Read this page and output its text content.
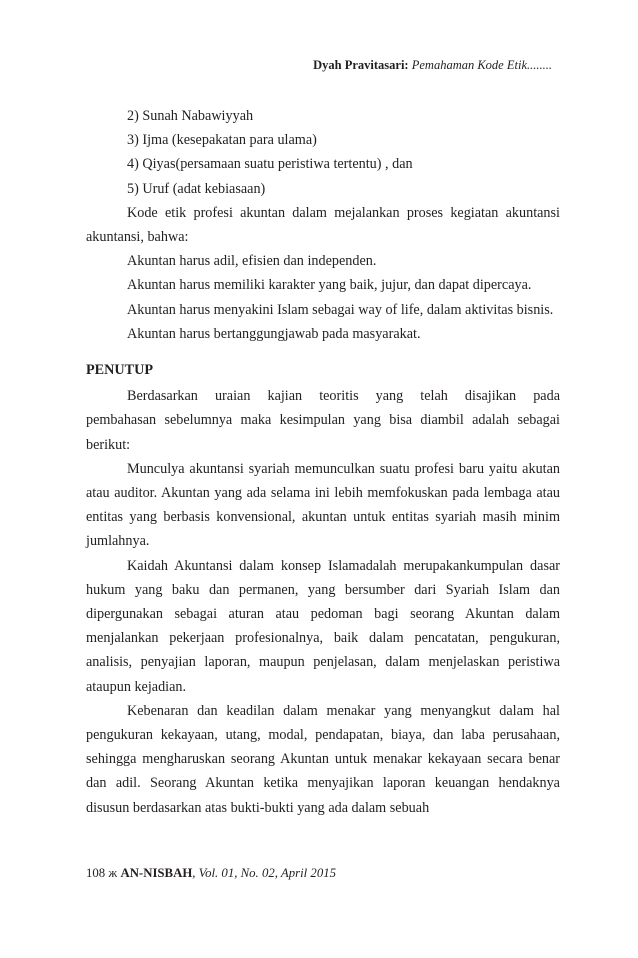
Dyah Pravitasari: Pemahaman Kode Etik........

2) Sunah Nabawiyyah

3) Ijma (kesepakatan para ulama)

4) Qiyas(persamaan suatu peristiwa tertentu) , dan

5) Uruf (adat kebiasaan)

Kode etik profesi akuntan dalam mejalankan proses kegiatan akuntansi akuntansi, bahwa:

Akuntan harus adil, efisien dan independen.

Akuntan harus memiliki karakter yang baik, jujur, dan dapat dipercaya.

Akuntan harus menyakini Islam sebagai way of life, dalam aktivitas bisnis.

Akuntan harus bertanggungjawab pada masyarakat.

PENUTUP

Berdasarkan uraian kajian teoritis yang telah disajikan pada pembahasan sebelumnya maka kesimpulan yang bisa diambil adalah sebagai berikut:

Munculya akuntansi syariah memunculkan suatu profesi baru yaitu akutan atau auditor. Akuntan yang ada selama ini lebih memfokuskan pada lembaga atau entitas yang berbasis konvensional, akuntan untuk entitas syariah masih minim jumlahnya.

Kaidah Akuntansi dalam konsep Islamadalah merupakankumpulan dasar hukum yang baku dan permanen, yang bersumber dari Syariah Islam dan dipergunakan sebagai aturan atau pedoman bagi seorang Akuntan dalam menjalankan pekerjaan profesionalnya, baik dalam pencatatan, pengukuran, analisis, penyajian laporan, maupun penjelasan, dalam menjelaskan peristiwa ataupun kejadian.

Kebenaran dan keadilan dalam menakar yang menyangkut dalam hal pengukuran kekayaan, utang, modal, pendapatan, biaya, dan laba perusahaan, sehingga mengharuskan seorang Akuntan untuk menakar kekayaan secara benar dan adil. Seorang Akuntan ketika menyajikan laporan keuangan hendaknya disusun berdasarkan atas bukti-bukti yang ada dalam sebuah

108 ж AN-NISBAH, Vol. 01, No. 02, April 2015
